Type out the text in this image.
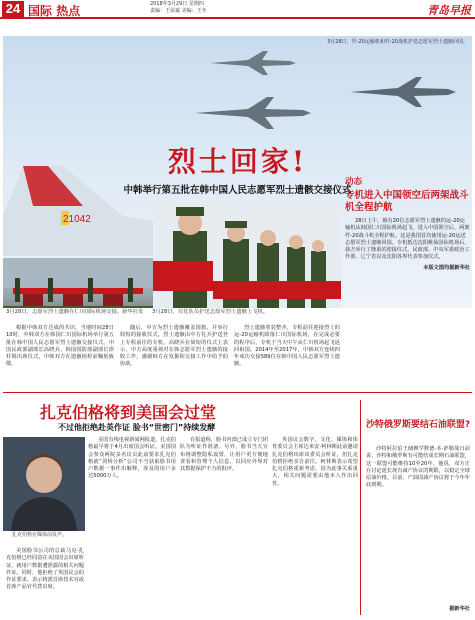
24 国际 热点	2018年3月29日 星期四
责编：王荣斌 美编：王冬	青岛早报
3月28日，歼-20运输机和歼-20战机护送志愿军烈士遗骸回国。
烈士回家!
中韩举行第五批在韩中国人民志愿军烈士遗骸交接仪式
21042
3月28日，志愿军烈士遗骸在仁川国际机场交接。新华社发	3月28日，仪仗队员护送志愿军烈士遗骸上飞机。
动态
专机进入中国领空后两架战斗机全程护航
28日上午，载有20位志愿军烈士遗骸的运-20运输机从韩国仁川国际机场起飞，进入中国领空后，两架歼-20战斗机全程护航。这是我国首次使用运-20运送志愿军烈士遗骸回国。专机抵达沈阳桃仙国际机场后，我方举行了隆重的迎接仪式。民政部、中央军委政治工作部、辽宁省以及沈阳各界代表参加仪式。
本版文图均据新华社
根据中韩双方达成的共识，当地时间28日10时，中韩双方在韩国仁川国际机场举行第五批在韩中国人民志愿军烈士遗骸交接仪式。中国民政部副部长高晓兵、韩国国防部副部长徐柱锡出席仪式，中韩双方在遗骸棺椁前鞠躬致敬。
随后，中方为烈士遗骸覆盖国旗，并举行简短的接收仪式。烈士遗骸由中方礼兵护送登上专程前往的专机。高晓兵在简短的仪式上表示，中方高度重视对在韩志愿军烈士遗骸的接收工作，感谢韩方在发掘和交接工作中给予的协助。
烈士遗骸着装整齐，专程前往迎接烈士的运-20运输机降落仁川国际机场，在完成必要的程序后，专机于当天中午从仁川机场起飞返回祖国。2014年至2017年，中韩双方连续四年成功交接589位在韩中国人民志愿军烈士遗骸。
扎克伯格将到美国会过堂
不过他拒绝赴英作证 脸书“世密门”持续发酵
扎克伯格在媒体前发声。
美国有线电视新闻网报道，扎克伯格最早将于4月出席国会听证。美国国会参众两院多名议员此前要求扎克伯格就“剑桥分析”公司不当获取脸书用户数据一事作出解释，涉及的用户多达5000万人。
有报道称，脸书内部已成立专门团队为听证作准备。另外，脸书当天宣布将调整隐私设置，让用户更方便地查看和管理个人信息，以回应外界对其数据保护不力的批评。
英国议会数字、文化、媒体和体育委员会主席达米安·柯林斯此前邀请扎克伯格出席该委员会听证，但扎克伯格拒绝亲自前往。柯林斯表示希望扎克伯格重新考虑，因为此事关系重大，相关问题需要由他本人作出回答。
美国脸书公司的总裁马克·扎克伯格已经同意在美国国会出席听证，就用户数据遭泄露的相关问题作证。同时，他拒绝了英国议会的作证要求，表示将派首席技术官或首席产品官代替出席。
沙特俄罗斯要结石油联盟?
沙特阿拉伯王储穆罕默德·本·萨勒曼日前说，沙特和俄罗斯有可能结成长期石油联盟，这一联盟可能维持10至20年。他说，双方正在讨论延长现有减产协议的期限，以稳定全球原油价格。目前，产油国减产协议将于今年年底到期。
据新华社
